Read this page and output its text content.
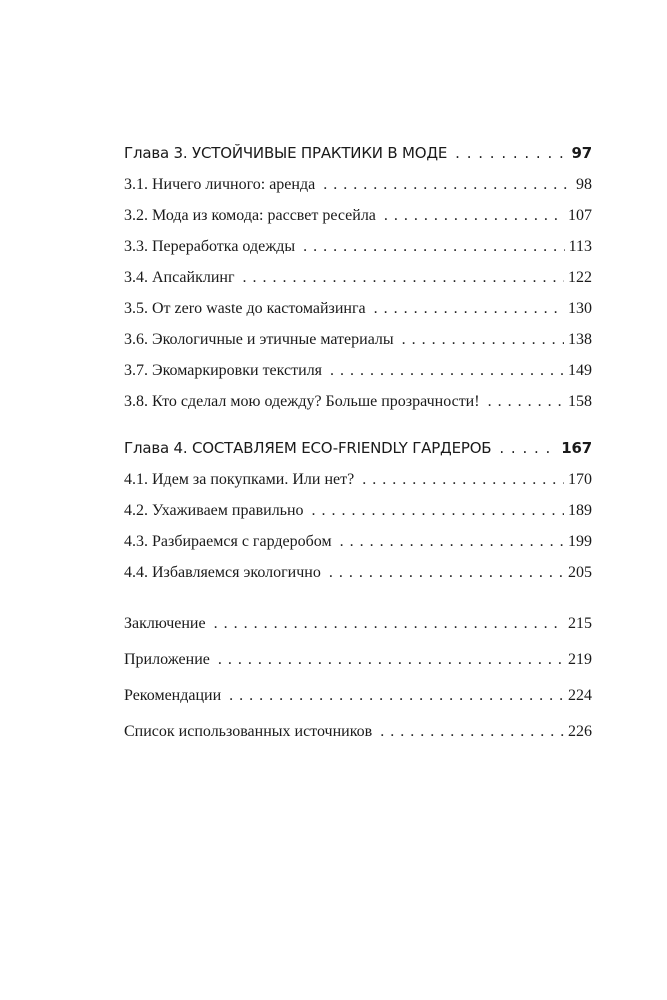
Глава 3. УСТОЙЧИВЫЕ ПРАКТИКИ В МОДЕ . . .	97
3.1. Ничего личного: аренда . . .	98
3.2. Мода из комода: рассвет ресейла . . .	107
3.3. Переработка одежды . . .	113
3.4. Апсайклинг . . .	122
3.5. От zero waste до кастомайзинга . . .	130
3.6. Экологичные и этичные материалы . . .	138
3.7. Экомаркировки текстиля . . .	149
3.8. Кто сделал мою одежду? Больше прозрачности! . . .	158
Глава 4. СОСТАВЛЯЕМ ECO-FRIENDLY ГАРДЕРОБ . . .	167
4.1. Идем за покупками. Или нет? . . .	170
4.2. Ухаживаем правильно . . .	189
4.3. Разбираемся с гардеробом . . .	199
4.4. Избавляемся экологично . . .	205
Заключение . . .	215
Приложение . . .	219
Рекомендации . . .	224
Список использованных источников . . .	226
